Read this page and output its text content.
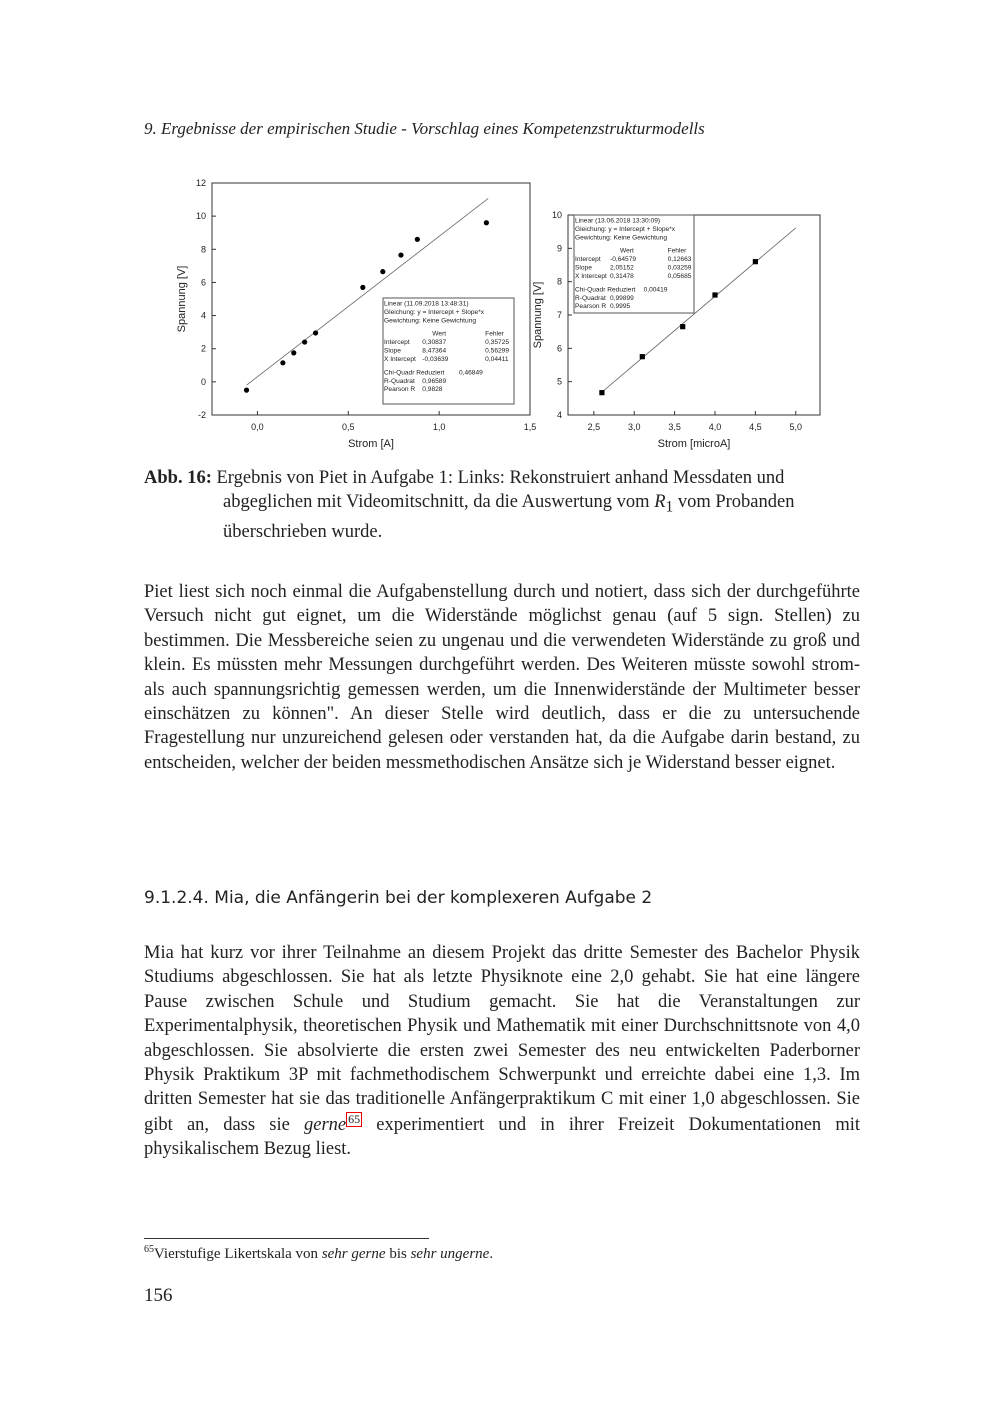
9. Ergebnisse der empirischen Studie - Vorschlag eines Kompetenzstrukturmodells
0,0	0,5	1,0	1,5
-2
0
2
4
6
8
10
12
Strom [A]
Spannung [V]	Linear (11.09.2018 13:48:31)
Gleichung: y = Intercept + Slope*x
Gewichtung: Keine Gewichtung
Wert	Fehler
Intercept 0,30837	0,35725
Slope	8,47364	0,56299
X Intercept -0,03639	0,04411
Chi-Quadr Reduziert 0,46849
R-Quadrat 0,96589
Pearson R 0,9828
2,5	3,0	3,5	4,0	4,5	5,0
4
5
6
7
8
9
10
Strom [microA]
Spannung [V]
Linear (13.06.2018 13:30:09)
Gleichung: y = Intercept + Slope*x
Gewichtung: Keine Gewichtung
Wert	Fehler
Intercept -0,64579	0,12663
Slope	2,05152	0,03259
X Intercept 0,31478	0,05685
Chi-Quadr Reduziert 0,00419
R-Quadrat 0,99899
Pearson R 0,9995
Abb. 16: Ergebnis von Piet in Aufgabe 1: Links: Rekonstruiert anhand Messdaten und abgeglichen mit Videomitschnitt, da die Auswertung vom $R_1$ vom Probanden überschrieben wurde.

Piet liest sich noch einmal die Aufgabenstellung durch und notiert, dass sich der durchgeführte Versuch nicht gut eignet, um die Widerstände möglichst genau (auf 5 sign. Stellen) zu bestimmen. Die Messbereiche seien zu ungenau und die verwendeten Widerstände zu groß und klein. Es müssten mehr Messungen durchgeführt werden. Des Weiteren müsste sowohl strom- als auch spannungsrichtig gemessen werden, um die Innenwiderstände der Multimeter besser einschätzen zu können". An dieser Stelle wird deutlich, dass er die zu untersuchende Fragestellung nur unzureichend gelesen oder verstanden hat, da die Aufgabe darin bestand, zu entscheiden, welcher der beiden messmethodischen Ansätze sich je Widerstand besser eignet.

9.1.2.4. Mia, die Anfängerin bei der komplexeren Aufgabe 2

Mia hat kurz vor ihrer Teilnahme an diesem Projekt das dritte Semester des Bachelor Physik Studiums abgeschlossen. Sie hat als letzte Physiknote eine 2,0 gehabt. Sie hat eine längere Pause zwischen Schule und Studium gemacht. Sie hat die Veranstaltungen zur Experimentalphysik, theoretischen Physik und Mathematik mit einer Durchschnittsnote von 4,0 abgeschlossen. Sie absolvierte die ersten zwei Semester des neu entwickelten Paderborner Physik Praktikum 3P mit fachmethodischem Schwerpunkt und erreichte dabei eine 1,3. Im dritten Semester hat sie das traditionelle Anfängerpraktikum C mit einer 1,0 abgeschlossen. Sie gibt an, dass sie gerne 65 experimentiert und in ihrer Freizeit Dokumentationen mit physikalischem Bezug liest.

$^{65}$Vierstufige Likertskala von sehr gerne bis sehr ungerne.
156
